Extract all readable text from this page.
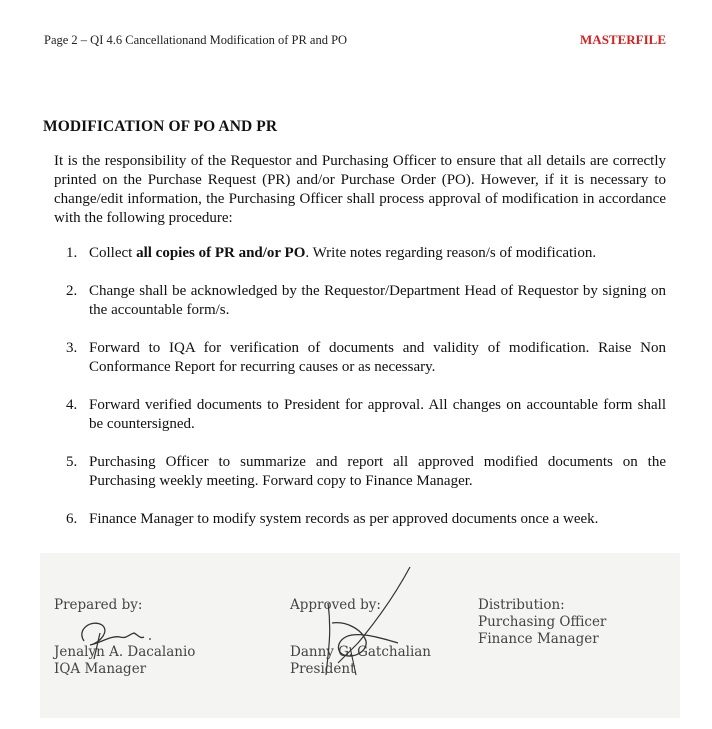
Page 2 – QI 4.6 Cancellationand Modification of PR and PO	MASTERFILE
MODIFICATION OF PO AND PR

It is the responsibility of the Requestor and Purchasing Officer to ensure that all details are correctly printed on the Purchase Request (PR) and/or Purchase Order (PO). However, if it is necessary to change/edit information, the Purchasing Officer shall process approval of modification in accordance with the following procedure:

1. Collect all copies of PR and/or PO. Write notes regarding reason/s of modification.
2. Change shall be acknowledged by the Requestor/Department Head of Requestor by signing on the accountable form/s.
3. Forward to IQA for verification of documents and validity of modification. Raise Non Conformance Report for recurring causes or as necessary.
4. Forward verified documents to President for approval. All changes on accountable form shall be countersigned.
5. Purchasing Officer to summarize and report all approved modified documents on the Purchasing weekly meeting. Forward copy to Finance Manager.
6. Finance Manager to modify system records as per approved documents once a week.
Prepared by:
Jenalyn A. Dacalanio
IQA Manager
Approved by:
Danny G. Gatchalian
President
Distribution:
Purchasing Officer
Finance Manager
